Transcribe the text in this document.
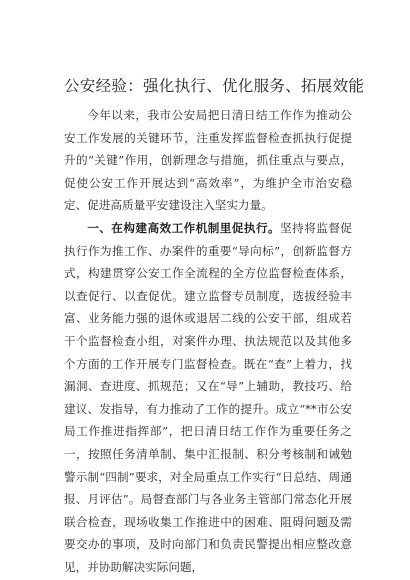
公安经验：强化执行、优化服务、拓展效能

今年以来，我市公安局把日清日结工作作为推动公安工作发展的关键环节，注重发挥监督检查抓执行促提升的“关键”作用，创新理念与措施，抓住重点与要点，促使公安工作开展达到“高效率”，为维护全市治安稳定、促进高质量平安建设注入坚实力量。

一、在构建高效工作机制里促执行。坚持将监督促执行作为推工作、办案件的重要“导向标”，创新监督方式，构建贯穿公安工作全流程的全方位监督检查体系，以查促行、以查促优。建立监督专员制度，选拔经验丰富、业务能力强的退休或退居二线的公安干部，组成若干个监督检查小组，对案件办理、执法规范以及其他多个方面的工作开展专门监督检查。既在“查”上着力，找漏洞、查进度、抓规范；又在“导”上辅助，教技巧、给建议、发指导，有力推动了工作的提升。成立“**市公安局工作推进指挥部”，把日清日结工作作为重要任务之一，按照任务清单制、集中汇报制、积分考核制和诫勉警示制“四制”要求，对全局重点工作实行“日总结、周通报、月评估”。局督查部门与各业务主管部门常态化开展联合检查，现场收集工作推进中的困难、阻碍问题及需要交办的事项，及时向部门和负责民警提出相应整改意见，并协助解决实际问题，
